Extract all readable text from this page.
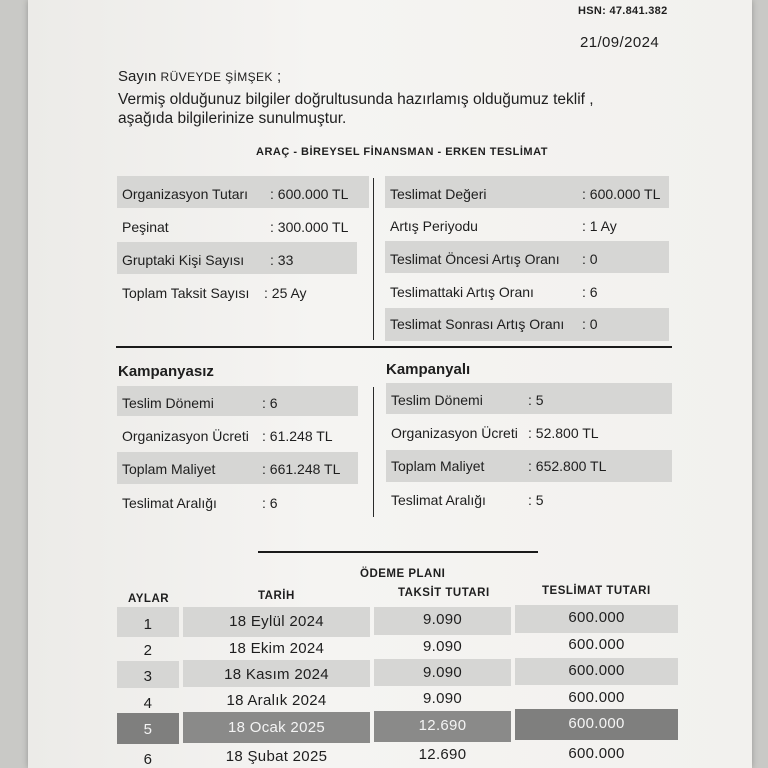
HSN: 47.841.382
21/09/2024
Sayın RÜVEYDE ŞİMŞEK ;
Vermiş olduğunuz bilgiler doğrultusunda hazırlamış olduğumuz teklif ,
aşağıda bilgilerinize sunulmuştur.
ARAÇ - BİREYSEL FİNANSMAN - ERKEN TESLİMAT
Organizasyon Tutarı : 600.000 TL
Peşinat	: 300.000 TL
Gruptaki Kişi Sayısı : 33
Toplam Taksit Sayısı : 25 Ay
Teslimat Değeri	: 600.000 TL
Artış Periyodu	: 1 Ay
Teslimat Öncesi Artış Oranı : 0
Teslimattaki Artış Oranı	: 6
Teslimat Sonrası Artış Oranı : 0
Kampanyasız	Kampanyalı
Teslim Dönemi	: 6
Organizasyon Ücreti : 61.248 TL
Toplam Maliyet	: 661.248 TL
Teslimat Aralığı	: 6
Teslim Dönemi	: 5
Organizasyon Ücreti : 52.800 TL
Toplam Maliyet	: 652.800 TL
Teslimat Aralığı	: 5
ÖDEME PLANI
AYLAR	TARİH	TAKSİT TUTARI	TESLİMAT TUTARI
1	18 Eylül 2024	9.090	600.000
2	18 Ekim 2024	9.090	600.000
3	18 Kasım 2024	9.090	600.000
4	18 Aralık 2024	9.090	600.000
5	18 Ocak 2025	12.690	600.000
6	18 Şubat 2025	12.690	600.000
